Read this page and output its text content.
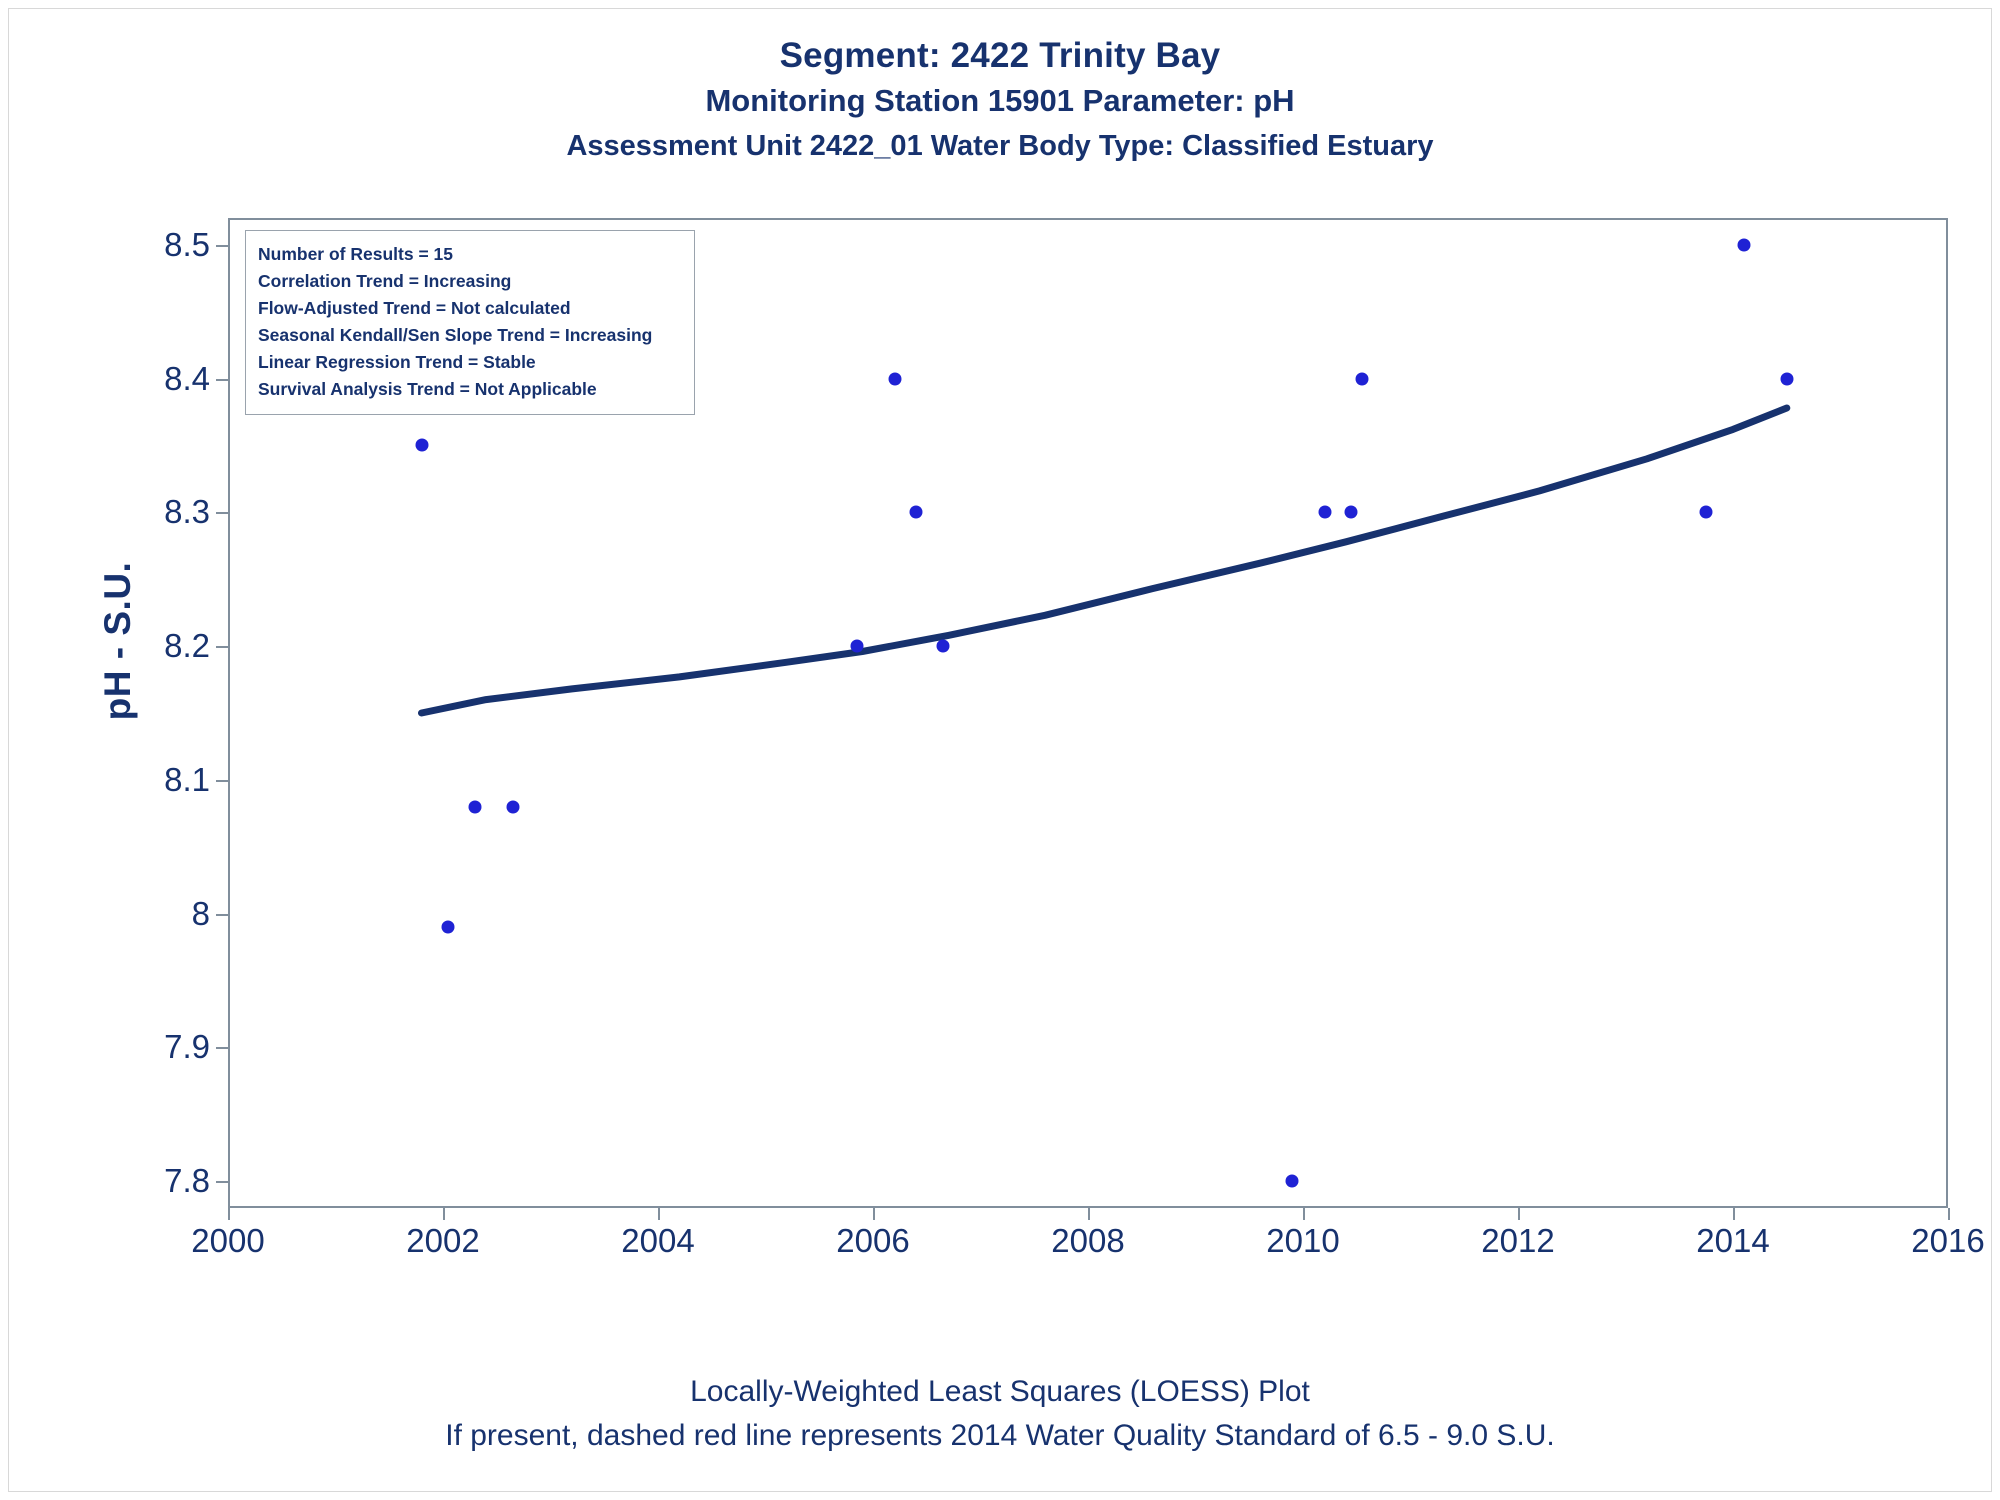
Segment: 2422 Trinity Bay
Monitoring Station 15901 Parameter: pH
Assessment Unit 2422_01 Water Body Type: Classified Estuary
pH - S.U.
7.8
7.9
8
8.1
8.2
8.3
8.4
8.5
2000	2002	2004	2006	2008	2010	2012	2014	2016
Number of Results = 15
Correlation Trend = Increasing
Flow-Adjusted Trend = Not calculated
Seasonal Kendall/Sen Slope Trend = Increasing
Linear Regression Trend = Stable
Survival Analysis Trend = Not Applicable
Locally-Weighted Least Squares (LOESS) Plot
If present, dashed red line represents 2014 Water Quality Standard of 6.5 - 9.0 S.U.
